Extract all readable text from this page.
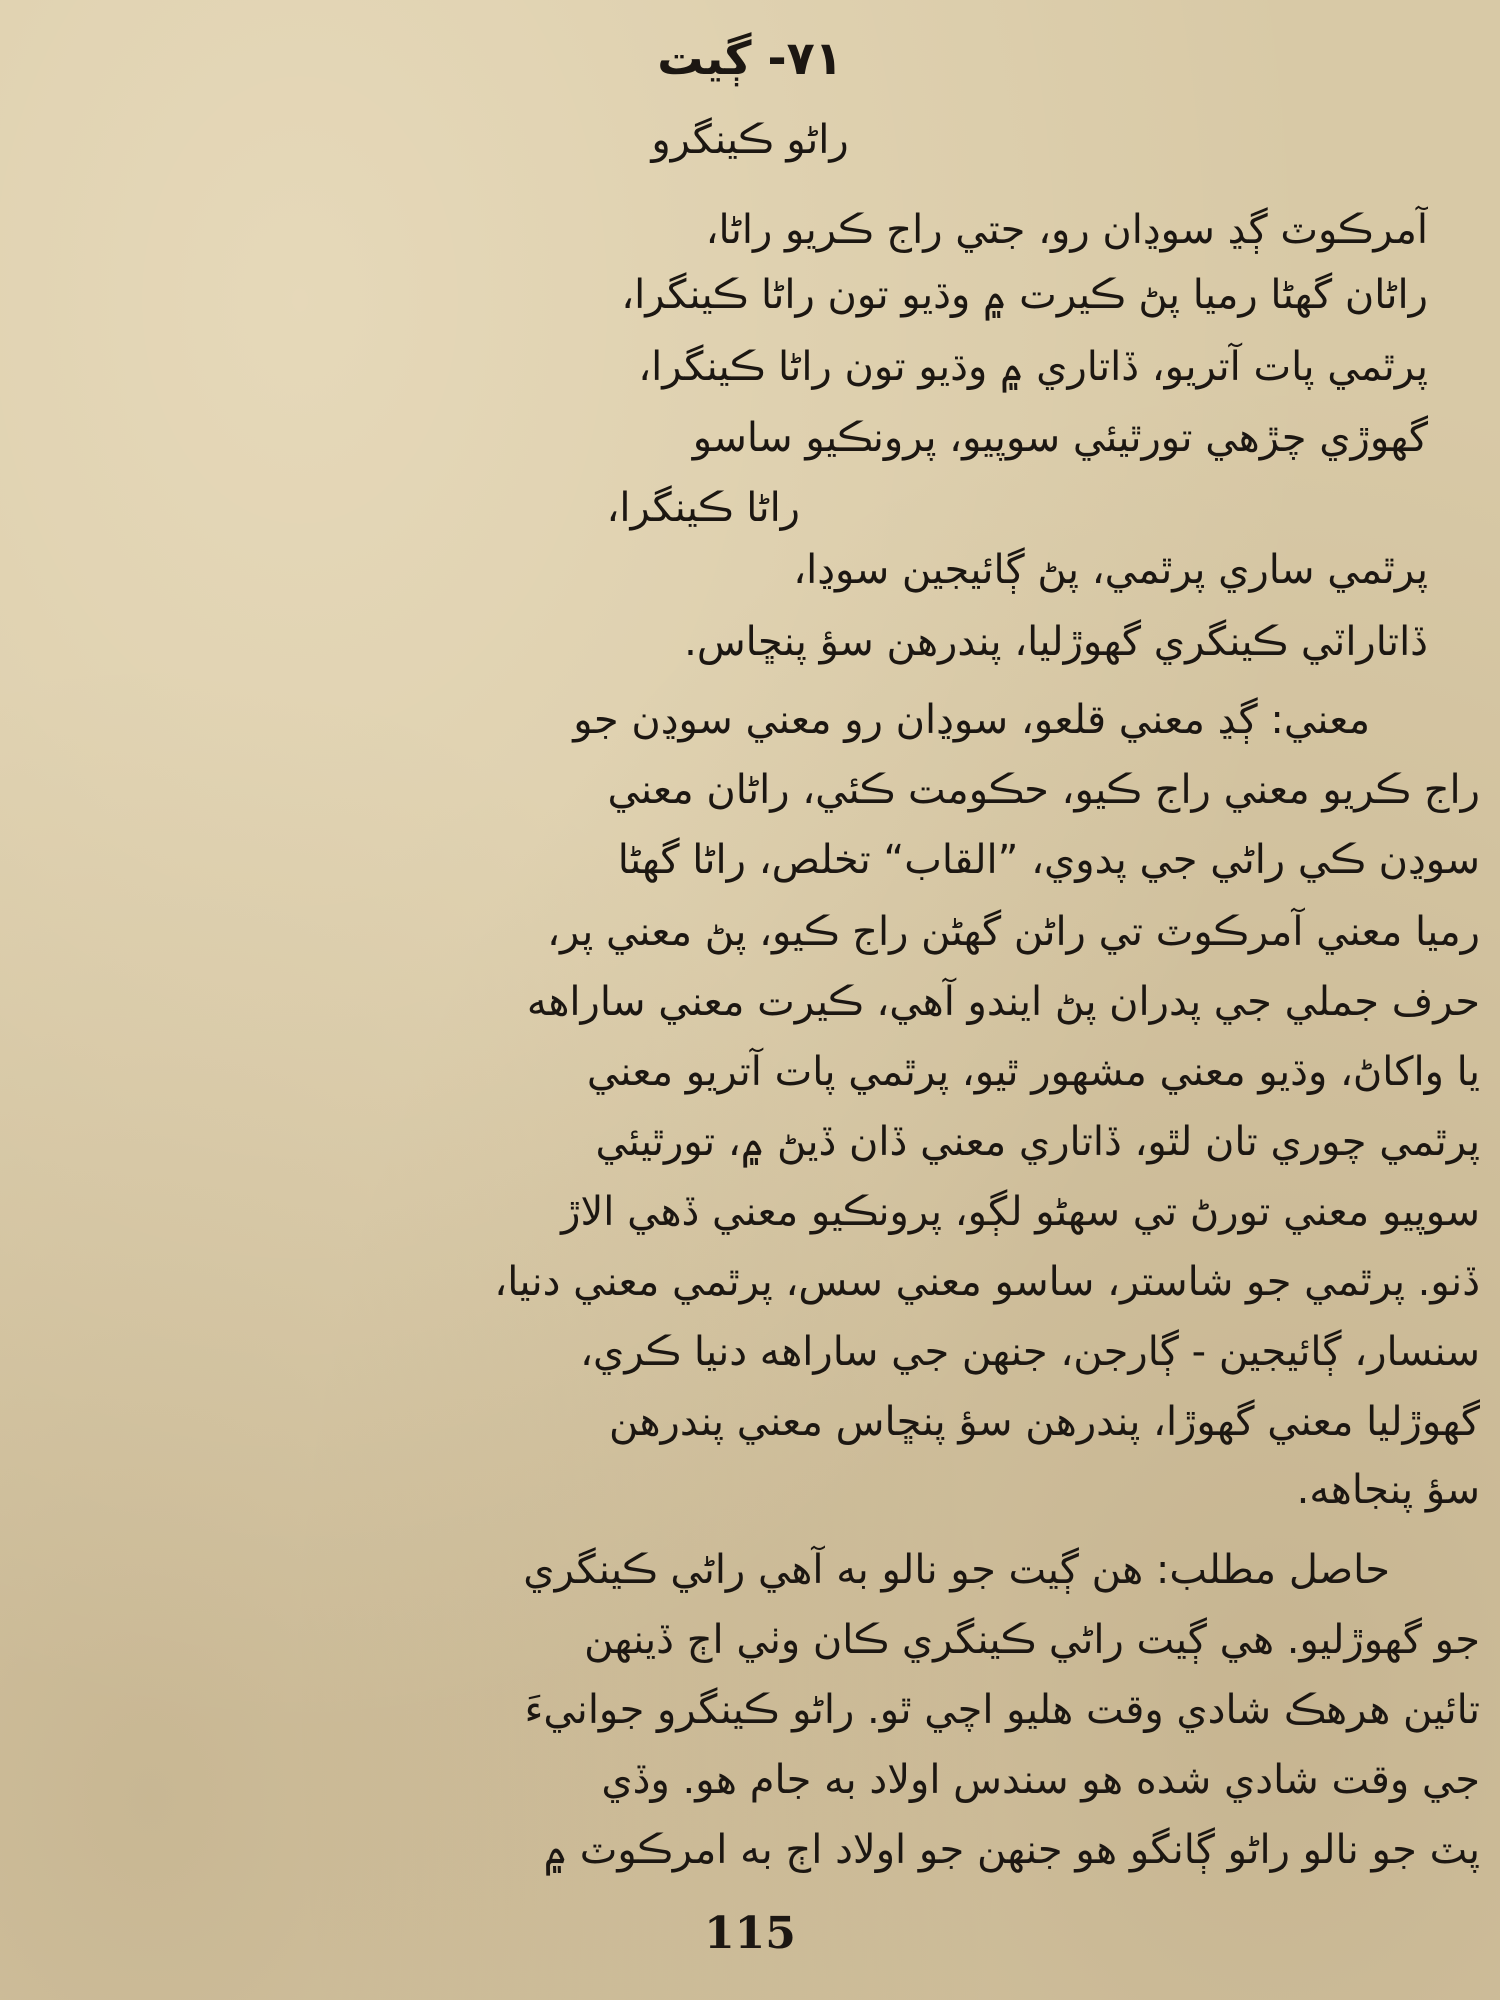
۷۱- ڳيت
راڻو ڪينگرو
آمرڪوٽ ڳڍ سوڍان رو، جتي راج ڪريو راڻا،
راڻان گهڻا رميا پڻ ڪيرت ۾ وڌيو تون راڻا ڪينگرا،
پرٿمي پات آتريو، ڏاتاري ۾ وڌيو تون راڻا ڪينگرا،
گهوڙي چڙهي تورٿيئي سوپيو، پرونڪيو ساسو
راڻا ڪينگرا،
پرٿمي ساري پرٿمي، پڻ ڳائيجين سوڍا،
ڏاتاراٽي ڪينگري گهوڙليا، پندرهن سؤ پنڇاس.
معني: ڳڍ معني قلعو، سوڍان رو معني سوڍن جو
راج ڪريو معني راج ڪيو، حڪومت ڪئي، راڻان معني
سوڍن ڪي راڻي جي پدوي، ”القاب“ تخلص، راڻا گهڻا
رميا معني آمرڪوٽ تي راڻن گهڻن راج ڪيو، پڻ معني پر،
حرف جملي جي پدران پڻ ايندو آهي، ڪيرت معني ساراهه
يا واکاڻ، وڌيو معني مشهور ٿيو، پرٿمي پات آتريو معني
پرٿمي چوري تان لٿو، ڏاتاري معني ڏان ڏيڻ ۾، تورٿيئي
سوپيو معني تورڻ تي سهڻو لڳو، پرونڪيو معني ڏهي الاڙ
ڏنو. پرٿمي جو شاستر، ساسو معني سس، پرٿمي معني دنيا،
سنسار، ڳائيجين - ڳارجن، جنهن جي ساراهه دنيا ڪري،
گهوڙليا معني گهوڙا، پندرهن سؤ پنڇاس معني پندرهن
سؤ پنجاهه.
حاصل مطلب: هن ڳيت جو نالو به آهي راڻي ڪينگري
جو گهوڙليو. هي ڳيت راڻي ڪينگري ڪان وٺي اڄ ڏينهن
تائين هرهڪ شادي وقت هليو اچي ٿو. راڻو ڪينگرو جوانيءَ
جي وقت شادي شده هو سندس اولاد به جام هو. وڏي
پٽ جو نالو راڻو ڳانگو هو جنهن جو اولاد اڄ به امرڪوٽ ۾
115
